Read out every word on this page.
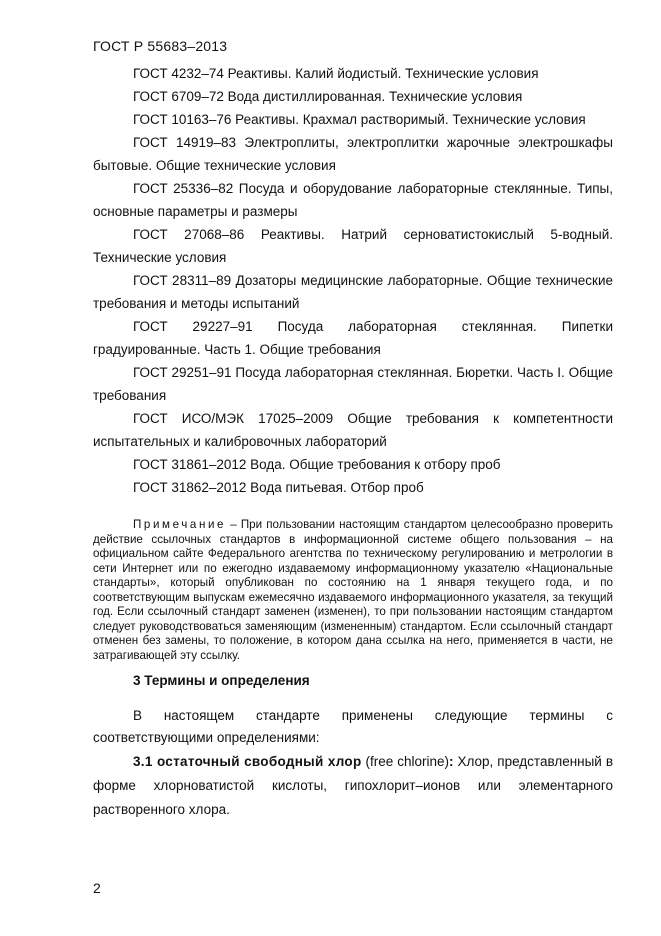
ГОСТ Р 55683–2013

ГОСТ 4232–74 Реактивы. Калий йодистый. Технические условия

ГОСТ 6709–72 Вода дистиллированная. Технические условия

ГОСТ 10163–76 Реактивы. Крахмал растворимый. Технические условия

ГОСТ 14919–83 Электроплиты, электроплитки жарочные электрошкафы бытовые. Общие технические условия

ГОСТ 25336–82 Посуда и оборудование лабораторные стеклянные. Типы, основные параметры и размеры

ГОСТ 27068–86 Реактивы. Натрий серноватистокислый 5-водный. Технические условия

ГОСТ 28311–89 Дозаторы медицинские лабораторные. Общие технические требования и методы испытаний

ГОСТ 29227–91 Посуда лабораторная стеклянная. Пипетки градуированные. Часть 1. Общие требования

ГОСТ 29251–91 Посуда лабораторная стеклянная. Бюретки. Часть I. Общие требования

ГОСТ ИСО/МЭК 17025–2009 Общие требования к компетентности испытательных и калибровочных лабораторий

ГОСТ 31861–2012 Вода. Общие требования к отбору проб

ГОСТ 31862–2012 Вода питьевая. Отбор проб

Примечание – При пользовании настоящим стандартом целесообразно проверить действие ссылочных стандартов в информационной системе общего пользования – на официальном сайте Федерального агентства по техническому регулированию и метрологии в сети Интернет или по ежегодно издаваемому информационному указателю «Национальные стандарты», который опубликован по состоянию на 1 января текущего года, и по соответствующим выпускам ежемесячно издаваемого информационного указателя, за текущий год. Если ссылочный стандарт заменен (изменен), то при пользовании настоящим стандартом следует руководствоваться заменяющим (измененным) стандартом. Если ссылочный стандарт отменен без замены, то положение, в котором дана ссылка на него, применяется в части, не затрагивающей эту ссылку.
3 Термины и определения

В настоящем стандарте применены следующие термины с соответствующими определениями:

3.1 остаточный свободный хлор (free chlorine): Хлор, представленный в форме хлорноватистой кислоты, гипохлорит–ионов или элементарного растворенного хлора.

2
